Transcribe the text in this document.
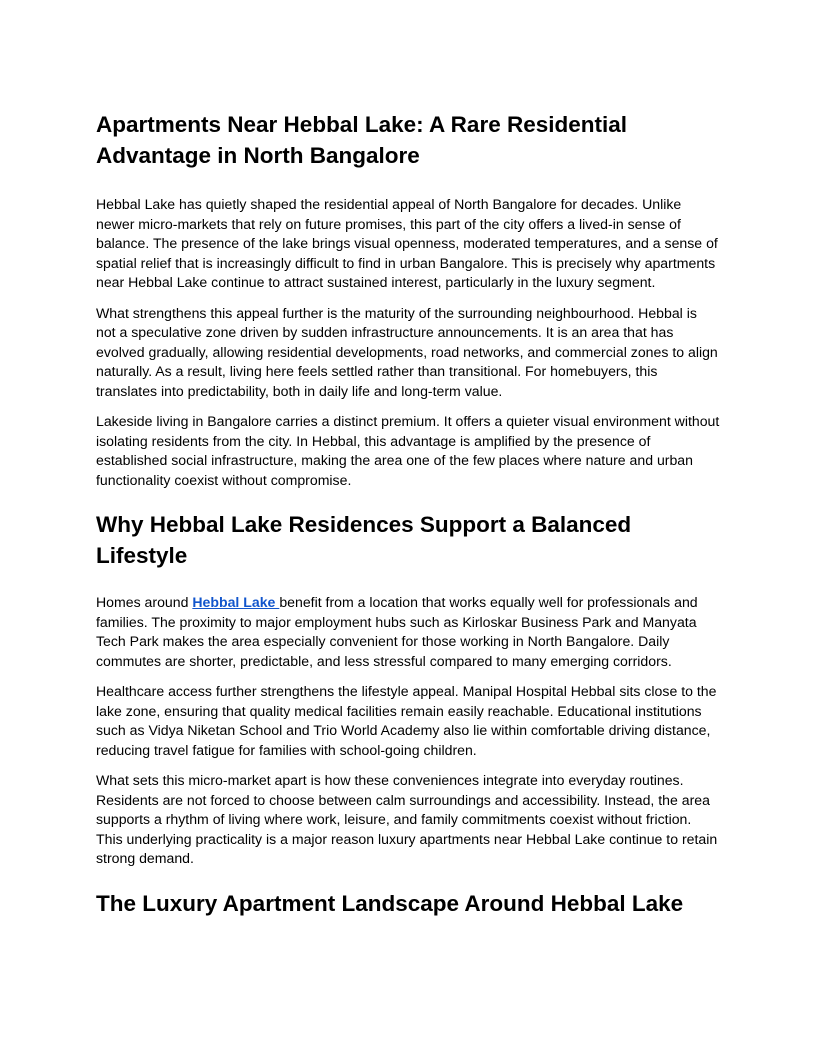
Apartments Near Hebbal Lake: A Rare Residential Advantage in North Bangalore

Hebbal Lake has quietly shaped the residential appeal of North Bangalore for decades. Unlike newer micro-markets that rely on future promises, this part of the city offers a lived-in sense of balance. The presence of the lake brings visual openness, moderated temperatures, and a sense of spatial relief that is increasingly difficult to find in urban Bangalore. This is precisely why apartments near Hebbal Lake continue to attract sustained interest, particularly in the luxury segment.

What strengthens this appeal further is the maturity of the surrounding neighbourhood. Hebbal is not a speculative zone driven by sudden infrastructure announcements. It is an area that has evolved gradually, allowing residential developments, road networks, and commercial zones to align naturally. As a result, living here feels settled rather than transitional. For homebuyers, this translates into predictability, both in daily life and long-term value.

Lakeside living in Bangalore carries a distinct premium. It offers a quieter visual environment without isolating residents from the city. In Hebbal, this advantage is amplified by the presence of established social infrastructure, making the area one of the few places where nature and urban functionality coexist without compromise.

Why Hebbal Lake Residences Support a Balanced Lifestyle

Homes around Hebbal Lake benefit from a location that works equally well for professionals and families. The proximity to major employment hubs such as Kirloskar Business Park and Manyata Tech Park makes the area especially convenient for those working in North Bangalore. Daily commutes are shorter, predictable, and less stressful compared to many emerging corridors.

Healthcare access further strengthens the lifestyle appeal. Manipal Hospital Hebbal sits close to the lake zone, ensuring that quality medical facilities remain easily reachable. Educational institutions such as Vidya Niketan School and Trio World Academy also lie within comfortable driving distance, reducing travel fatigue for families with school-going children.

What sets this micro-market apart is how these conveniences integrate into everyday routines. Residents are not forced to choose between calm surroundings and accessibility. Instead, the area supports a rhythm of living where work, leisure, and family commitments coexist without friction. This underlying practicality is a major reason luxury apartments near Hebbal Lake continue to retain strong demand.

The Luxury Apartment Landscape Around Hebbal Lake
